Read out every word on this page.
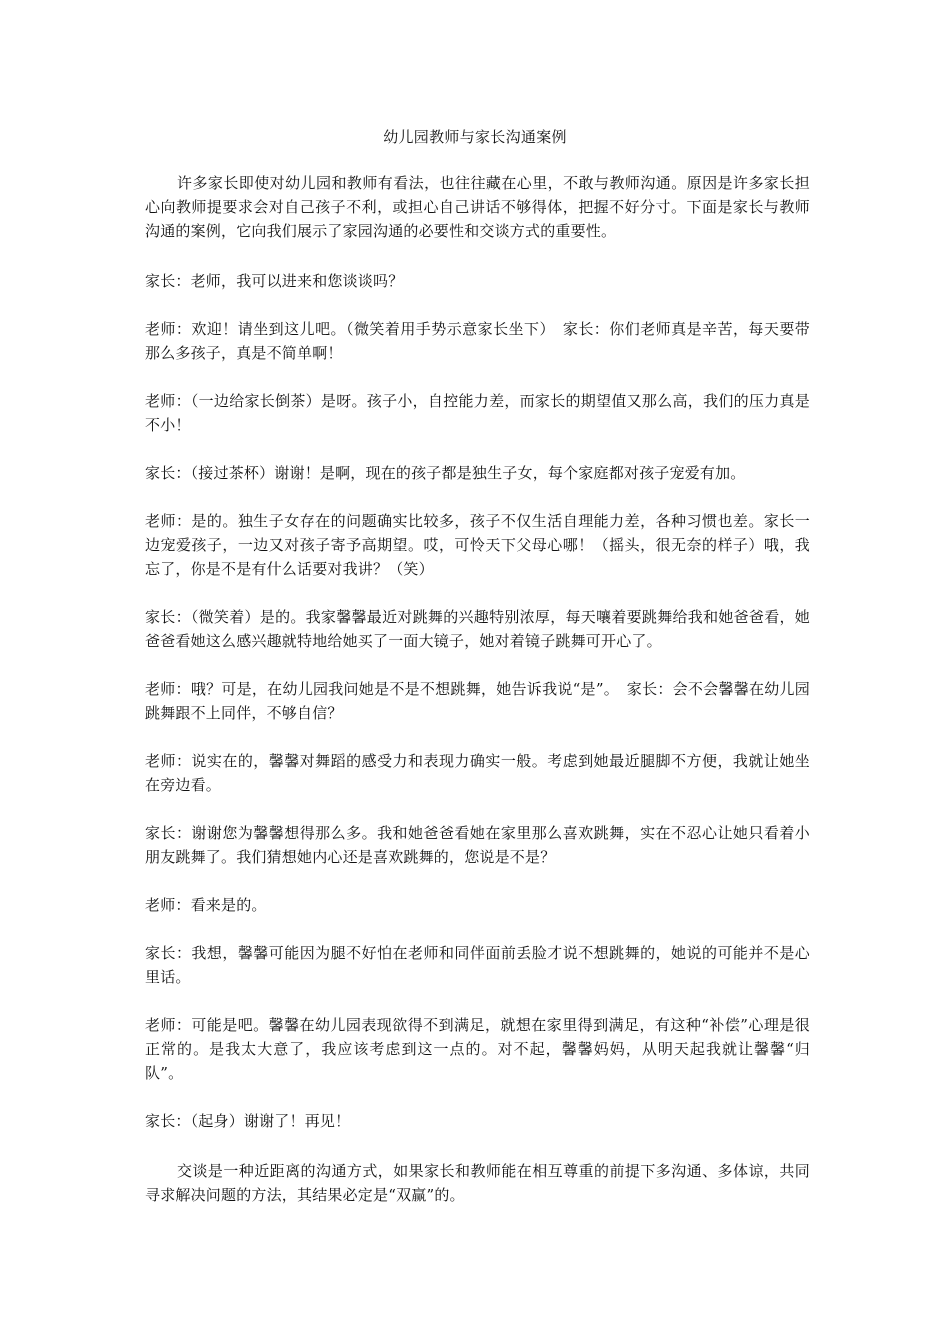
幼儿园教师与家长沟通案例

许多家长即使对幼儿园和教师有看法，也往往藏在心里，不敢与教师沟通。原因是许多家长担心向教师提要求会对自己孩子不利，或担心自己讲话不够得体，把握不好分寸。下面是家长与教师沟通的案例，它向我们展示了家园沟通的必要性和交谈方式的重要性。

家长：老师，我可以进来和您谈谈吗？

老师：欢迎！请坐到这儿吧。（微笑着用手势示意家长坐下）　家长：你们老师真是辛苦，每天要带那么多孩子，真是不简单啊！

老师：（一边给家长倒茶）是呀。孩子小，自控能力差，而家长的期望值又那么高，我们的压力真是不小！

家长：（接过茶杯）谢谢！是啊，现在的孩子都是独生子女，每个家庭都对孩子宠爱有加。

老师：是的。独生子女存在的问题确实比较多，孩子不仅生活自理能力差，各种习惯也差。家长一边宠爱孩子，一边又对孩子寄予高期望。哎，可怜天下父母心哪！（摇头，很无奈的样子）哦，我忘了，你是不是有什么话要对我讲？（笑）

家长：（微笑着）是的。我家馨馨最近对跳舞的兴趣特别浓厚，每天嚷着要跳舞给我和她爸爸看，她爸爸看她这么感兴趣就特地给她买了一面大镜子，她对着镜子跳舞可开心了。

老师：哦？可是，在幼儿园我问她是不是不想跳舞，她告诉我说“是”。　家长：会不会馨馨在幼儿园跳舞跟不上同伴，不够自信？

老师：说实在的，馨馨对舞蹈的感受力和表现力确实一般。考虑到她最近腿脚不方便，我就让她坐在旁边看。

家长：谢谢您为馨馨想得那么多。我和她爸爸看她在家里那么喜欢跳舞，实在不忍心让她只看着小朋友跳舞了。我们猜想她内心还是喜欢跳舞的，您说是不是？

老师：看来是的。

家长：我想，馨馨可能因为腿不好怕在老师和同伴面前丢脸才说不想跳舞的，她说的可能并不是心里话。

老师：可能是吧。馨馨在幼儿园表现欲得不到满足，就想在家里得到满足，有这种“补偿”心理是很正常的。是我太大意了，我应该考虑到这一点的。对不起，馨馨妈妈，从明天起我就让馨馨“归队”。

家长：（起身）谢谢了！再见！

交谈是一种近距离的沟通方式，如果家长和教师能在相互尊重的前提下多沟通、多体谅，共同寻求解决问题的方法，其结果必定是“双赢”的。
